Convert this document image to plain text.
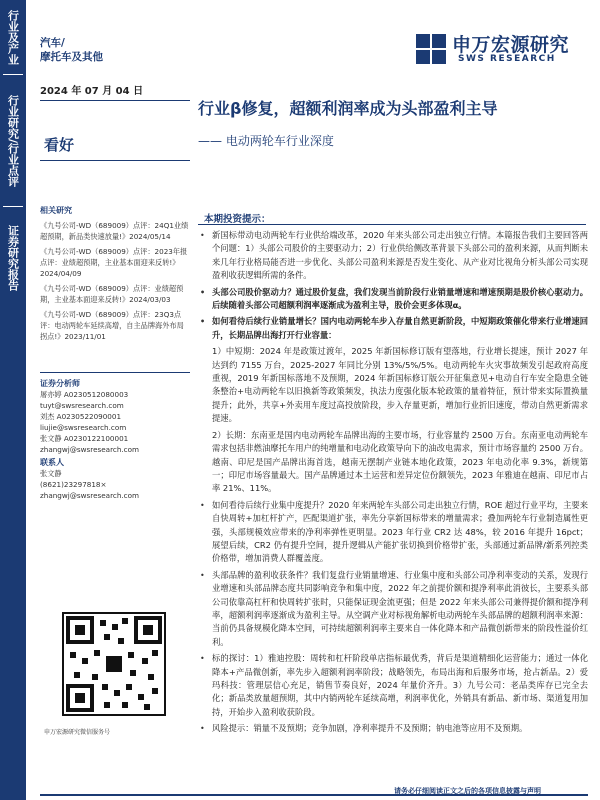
行业及产业
行业研究/行业点评
证券研究报告
汽车/
摩托车及其他
2024 年 07 月 04 日
申万宏源研究
SWS RESEARCH
行业β修复，超额利润率成为头部盈利主导
—— 电动两轮车行业深度
看好

相关研究

《九号公司-WD（689009）点评：24Q1业绩超预期，新品类快速放量!》2024/05/14

《九号公司-WD（689009）点评：2023年报点评：业绩超预期，主业基本面迎来反转!》2024/04/09

《九号公司-WD（689009）点评：业绩超预期，主业基本面迎来反转!》2024/03/03

《九号公司-WD（689009）点评：23Q3点评：电动两轮车延续高增，自主品牌海外布局拐点!》2023/11/01

证券分析师

屠亦婷 A0230512080003

tuyt@swsresearch.com

刘杰 A0230522090001

liujie@swsresearch.com

张文静 A0230122100001

zhangwj@swsresearch.com

联系人

张文静

(8621)23297818×

zhangwj@swsresearch.com

申万宏源研究微信服务号
本期投资提示：
• 新国标带动电动两轮车行业供给端改革，2020 年来头部公司走出独立行情。本篇报告我们主要回答两个问题：1）头部公司股价的主要驱动力；2）行业供给侧改革背景下头部公司的盈利来源，从而判断未来几年行业格局能否进一步优化、头部公司盈利来源是否发生变化、从产业对比视角分析头部公司实现盈利收获逻辑所需的条件。
• 头部公司股价驱动力？通过股价复盘，我们发现当前阶段行业销量增速和增速预期是股价核心驱动力。后续随着头部公司超额利润率逐渐成为盈利主导，股价会更多体现α。
• 如何看待后续行业销量增长？国内电动两轮车步入存量自然更新阶段，中短期政策催化带来行业增速回升，长期品牌出海打开行业容量：
1）中短期：2024 年是政策过渡年，2025 年新国标修订版有望落地，行业增长提速，预计 2027 年达到约 7155 万台，2025-2027 年同比分别 13%/5%/5%。电动两轮车火灾事故频发引起政府高度重视，2019 年新国标落地不及预期，2024 年新国标修订版公开征集意见+电动自行车安全隐患全链条整治+电动两轮车以旧换新等政策频发，执法力度强化版本轮政策的量着特征，预计带来实际置换量提升；此外，共享+外卖用车度过高投放阶段，步入存量更新，增加行业折旧速度，带动自然更新需求提速。
2）长期：东南亚是国内电动两轮车品牌出海的主要市场，行业容量约 2500 万台。东南亚电动两轮车需求包括非燃油摩托车用户的纯增量和电动化政策导向下的油改电需求，预计市场容量约 2500 万台。越南、印尼是国产品牌出海首选，越南无摆制产业链本地化政策，2023 年电动化率 9.3%，新规第一；印尼市场容量最大。国产品牌通过本土运营和差异定位份额领先，2023 年雅迪在越南、印尼市占率 21%、11%。
• 如何看待后续行业集中度提升？2020 年来两轮车头部公司走出独立行情，ROE 超过行业平均，主要来自快周转+加杠杆扩产，匹配渠道扩张，率先分享新国标带来的增量需求；叠加两轮车行业制造属性更强，头部规模效应带来的净利率弹性更明显。2023 年行业 CR2 达 48%，较 2016 年提升 16pct；展望后续，CR2 仍有提升空间，提升逻辑从产能扩张切换到价格带扩张，头部通过新品牌/新系列控类价格带，增加消费人群覆盖度。
• 头部品牌的盈利收获条件？我们复盘行业销量增速、行业集中度和头部公司净利率变动的关系，发现行业增速和头部品牌态度共同影响竞争和集中度，2022 年之前提价额和提净利率此消彼长，主要系头部公司依靠高杠杆和快周转扩张时，只能保证现金流更强；但是 2022 年来头部公司兼得提价额和提净利率，超额利润率逐渐成为盈利主导。从空调产业对标视角解析电动两轮车头部品牌的超额利润率来源：当前仍具备规模化降本空间，可持续超额利润率主要来自一体化降本和产品微创新带来的阶段性溢价红利。
• 标的探讨：1）雅迪控股：周转和杠杆阶段单店指标最优秀，背后是渠道精细化运营能力；通过一体化降本+产品微创新，率先步入超额利润率阶段；战略领先，布局出海和后服务市场，抢占新品。2）爱玛科技：管理层信心充足，销售节奏良好，2024 年量价齐升。3）九号公司：老品类库存已完全去化；新品类放量超预期，其中内销两轮车延续高增，利润率优化，外销具有新品、新市场、渠道复用加持，开始步入盈利收获阶段。
• 风险提示：销量不及预期；竞争加剧，净利率提升不及预期；钠电池等应用不及预期。
请务必仔细阅读正文之后的各项信息披露与声明
